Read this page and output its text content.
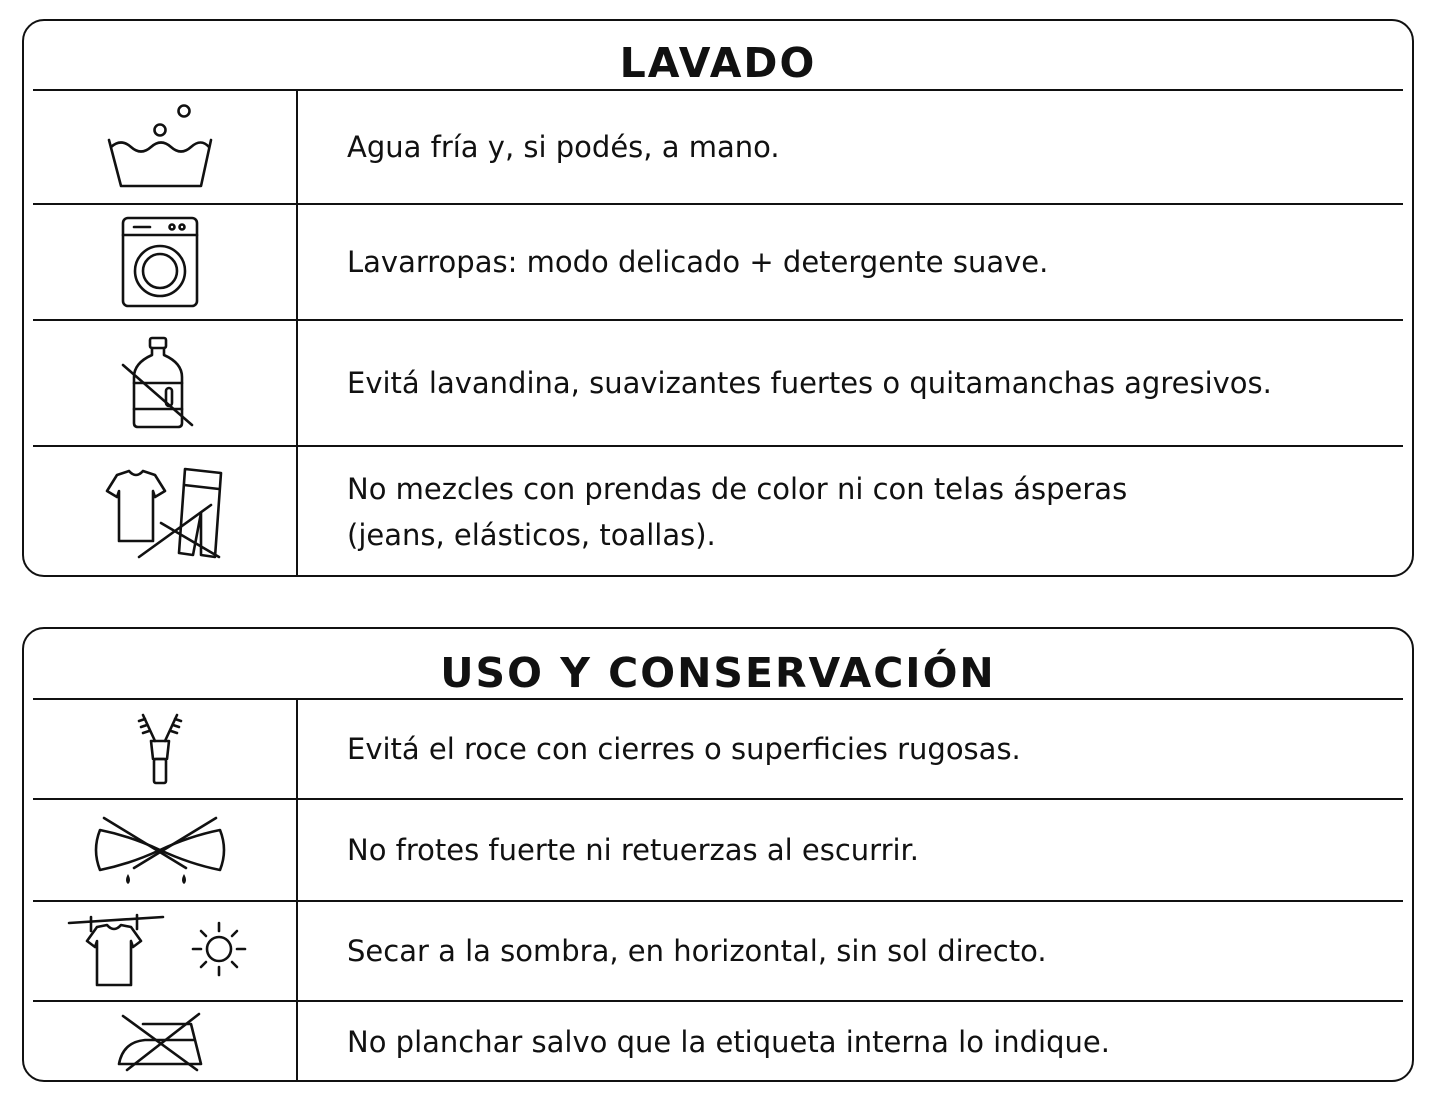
LAVADO
Agua fría y, si podés, a mano.
Lavarropas: modo delicado + detergente suave.
Evitá lavandina, suavizantes fuertes o quitamanchas agresivos.
No mezcles con prendas de color ni con telas ásperas
(jeans, elásticos, toallas).
USO Y CONSERVACIÓN
Evitá el roce con cierres o superficies rugosas.
No frotes fuerte ni retuerzas al escurrir.
Secar a la sombra, en horizontal, sin sol directo.
No planchar salvo que la etiqueta interna lo indique.
